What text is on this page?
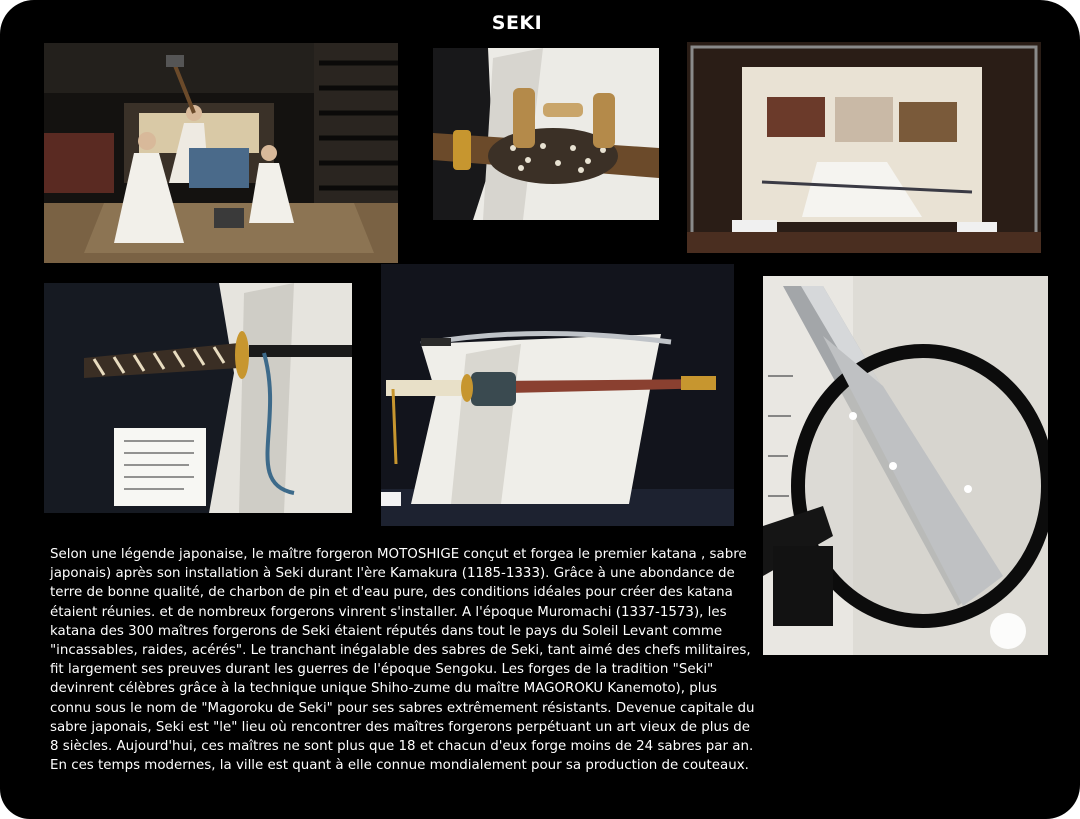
SEKI
Selon une légende japonaise, le maître forgeron MOTOSHIGE conçut et forgea le premier katana , sabre japonais) après son installation à Seki durant l'ère Kamakura (1185-1333). Grâce à une abondance de terre de bonne qualité, de charbon de pin et d'eau pure, des conditions idéales pour créer des katana étaient réunies. et de nombreux forgerons vinrent s'installer. A l'époque Muromachi (1337-1573), les katana des 300 maîtres forgerons de Seki étaient réputés dans tout le pays du Soleil Levant comme "incassables, raides, acérés". Le tranchant inégalable des sabres de Seki, tant aimé des chefs militaires, fit largement ses preuves durant les guerres de l'époque Sengoku. Les forges de la tradition "Seki" devinrent célèbres grâce à la technique unique Shiho-zume du maître MAGOROKU Kanemoto), plus connu sous le nom de "Magoroku de Seki" pour ses sabres extrêmement résistants. Devenue capitale du sabre japonais, Seki est "le" lieu où rencontrer des maîtres forgerons perpétuant un art vieux de plus de 8 siècles. Aujourd'hui, ces maîtres ne sont plus que 18 et chacun d'eux forge moins de 24 sabres par an. En ces temps modernes, la ville est quant à elle connue mondialement pour sa production de couteaux.
